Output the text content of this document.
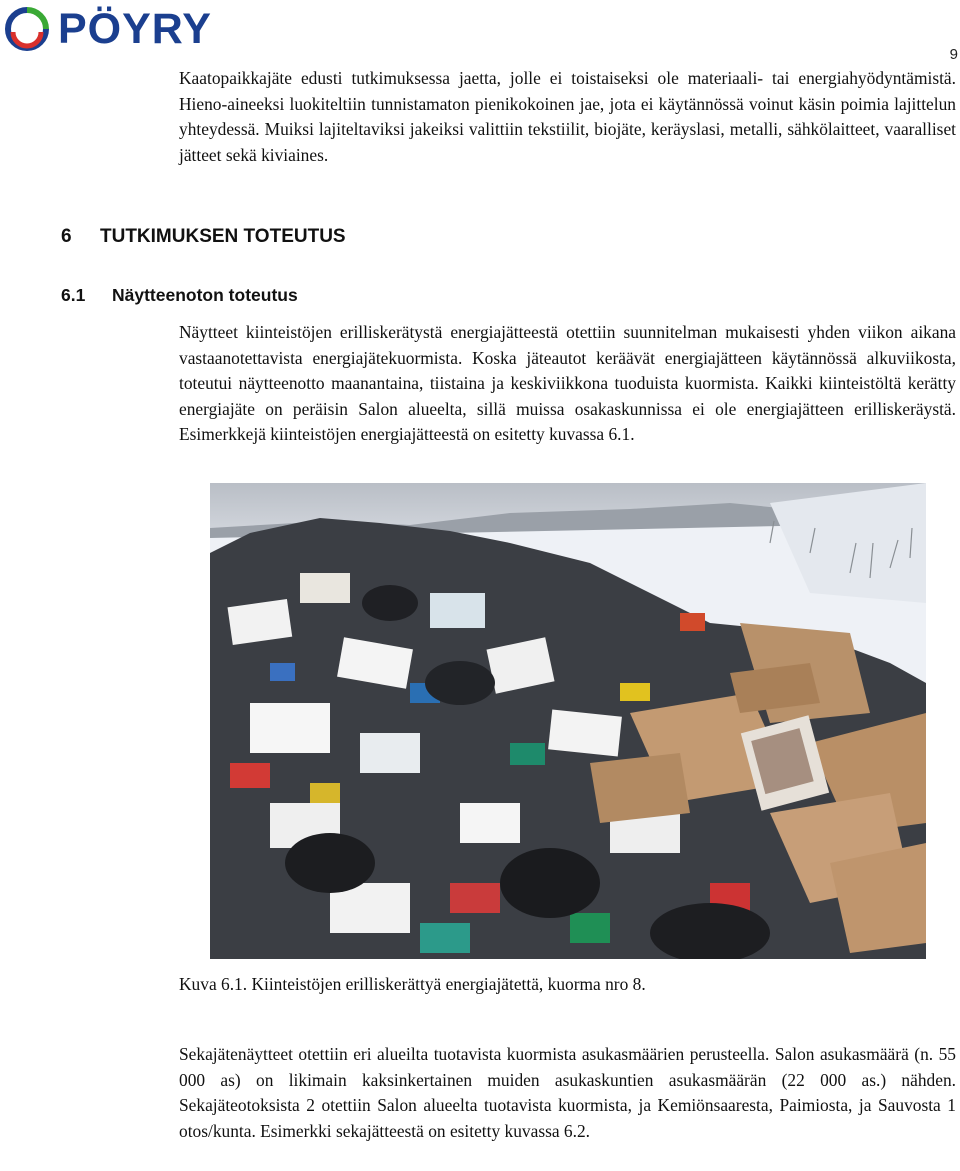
PÖYRY
9

Kaatopaikkajäte edusti tutkimuksessa jaetta, jolle ei toistaiseksi ole materiaali- tai energiahyödyntämistä. Hieno-aineeksi luokiteltiin tunnistamaton pienikokoinen jae, jota ei käytännössä voinut käsin poimia lajittelun yhteydessä. Muiksi lajiteltaviksi jakeiksi valittiin tekstiilit, biojäte, keräyslasi, metalli, sähkölaitteet, vaaralliset jätteet sekä kiviaines.

6 TUTKIMUKSEN TOTEUTUS
6.1 Näytteenoton toteutus

Näytteet kiinteistöjen erilliskerätystä energiajätteestä otettiin suunnitelman mukaisesti yhden viikon aikana vastaanotettavista energiajätekuormista. Koska jäteautot keräävät energiajätteen käytännössä alkuviikosta, toteutui näytteenotto maanantaina, tiistaina ja keskiviikkona tuoduista kuormista. Kaikki kiinteistöltä kerätty energiajäte on peräisin Salon alueelta, sillä muissa osakaskunnissa ei ole energiajätteen erilliskeräystä. Esimerkkejä kiinteistöjen energiajätteestä on esitetty kuvassa 6.1.

Kuva 6.1. Kiinteistöjen erilliskerättyä energiajätettä, kuorma nro 8.

Sekajätenäytteet otettiin eri alueilta tuotavista kuormista asukasmäärien perusteella. Salon asukasmäärä (n. 55 000 as) on likimain kaksinkertainen muiden asukaskuntien asukasmäärän (22 000 as.) nähden. Sekajäteotoksista 2 otettiin Salon alueelta tuotavista kuormista, ja Kemiönsaaresta, Paimiosta, ja Sauvosta 1 otos/kunta. Esimerkki sekajätteestä on esitetty kuvassa 6.2.
